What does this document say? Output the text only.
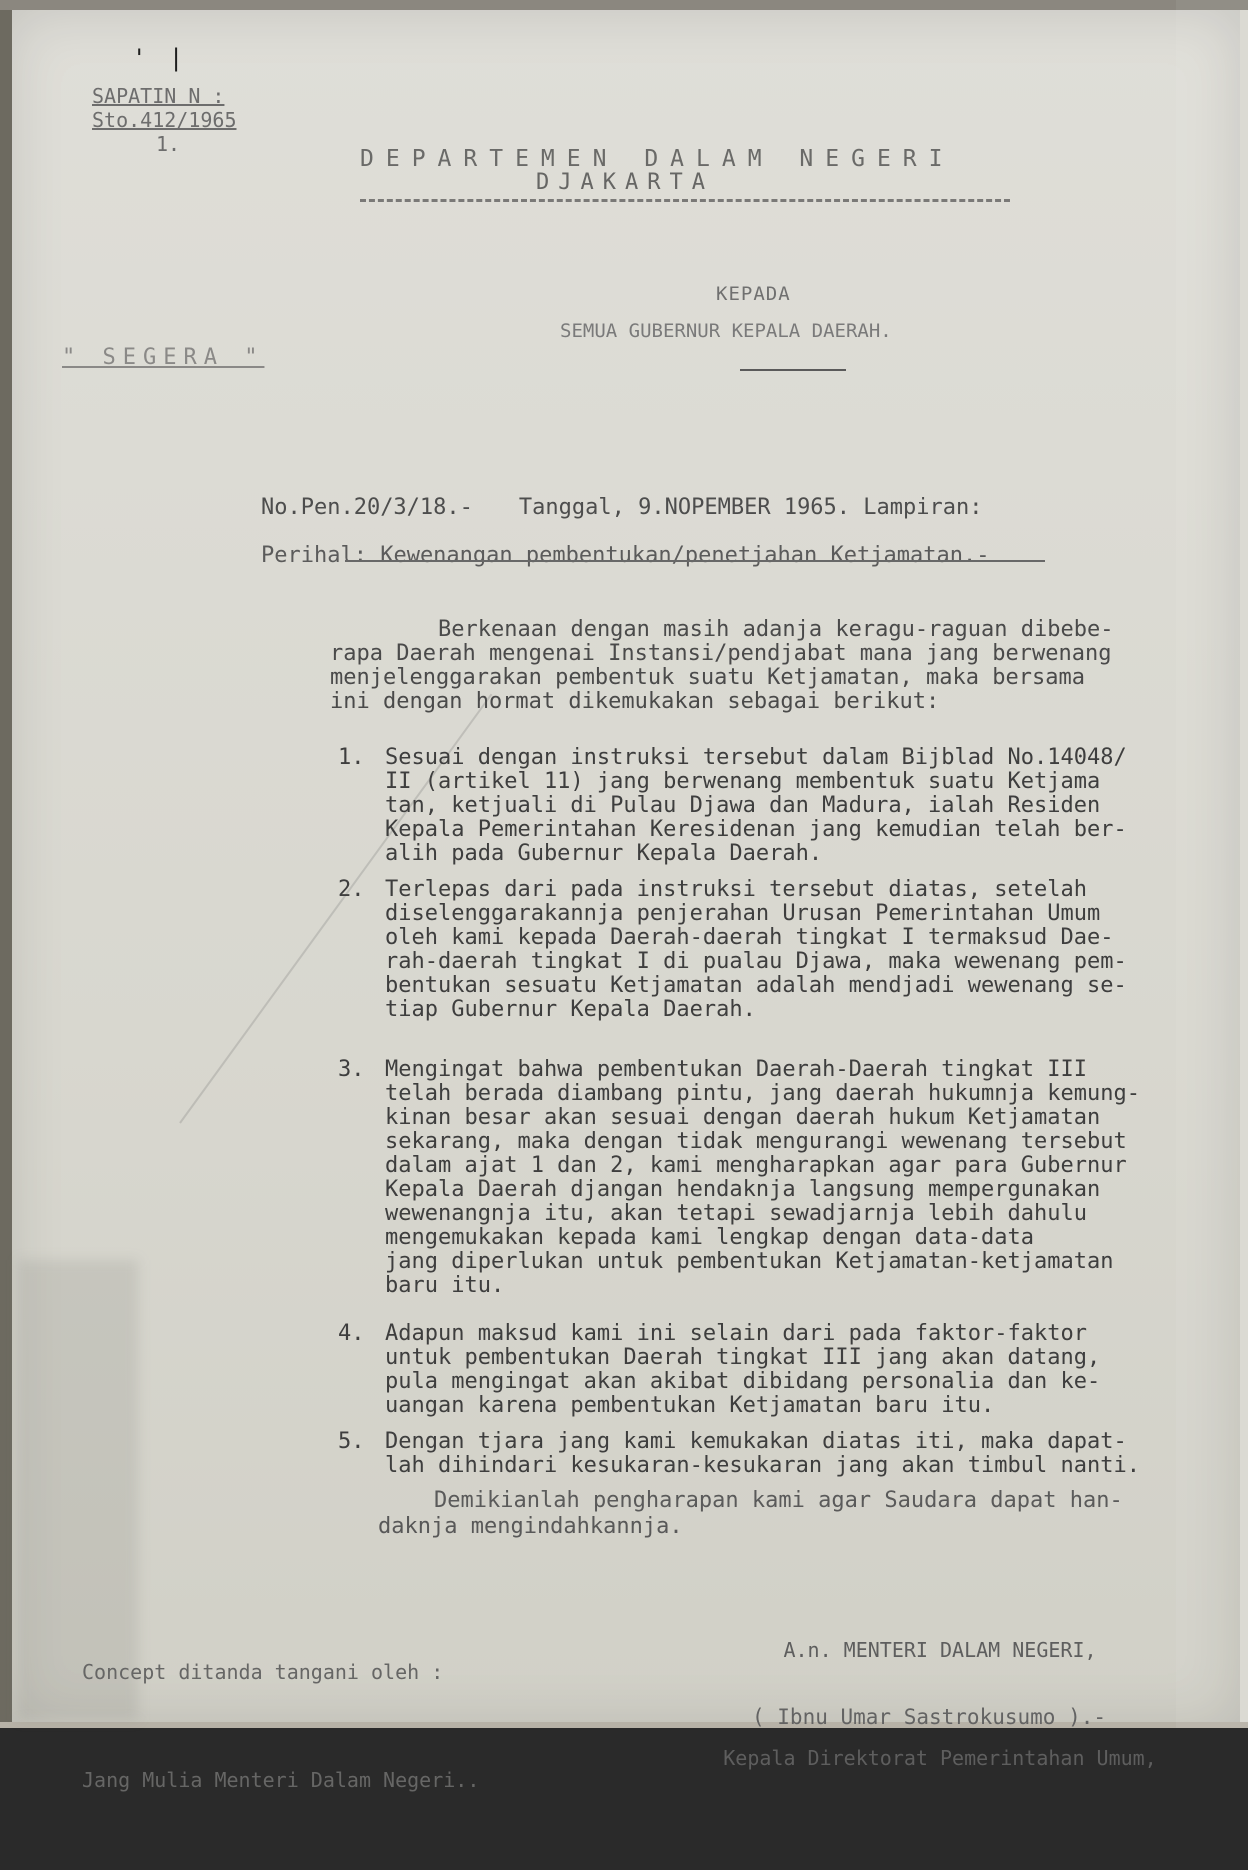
' |
SAPATIN N :
Sto.412/1965
1.
DEPARTEMEN DALAM NEGERI
DJAKARTA
" SEGERA "
KEPADA
SEMUA GUBERNUR KEPALA DAERAH.

No.Pen.20/3/18.- Tanggal, 9.NOPEMBER 1965. Lampiran:

Perihal: Kewenangan pembentukan/penetjahan Ketjamatan.-

Berkenaan dengan masih adanja keragu-raguan dibebe-
rapa Daerah mengenai Instansi/pendjabat mana jang berwenang
menjelenggarakan pembentuk suatu Ketjamatan, maka bersama
ini dengan hormat dikemukakan sebagai berikut:
1. Sesuai dengan instruksi tersebut dalam Bijblad No.14048/
II (artikel 11) jang berwenang membentuk suatu Ketjama
tan, ketjuali di Pulau Djawa dan Madura, ialah Residen
Kepala Pemerintahan Keresidenan jang kemudian telah ber-
alih pada Gubernur Kepala Daerah.
2. Terlepas dari pada instruksi tersebut diatas, setelah
diselenggarakannja penjerahan Urusan Pemerintahan Umum
oleh kami kepada Daerah-daerah tingkat I termaksud Dae-
rah-daerah tingkat I di pualau Djawa, maka wewenang pem-
bentukan sesuatu Ketjamatan adalah mendjadi wewenang se-
tiap Gubernur Kepala Daerah.
3. Mengingat bahwa pembentukan Daerah-Daerah tingkat III
telah berada diambang pintu, jang daerah hukumnja kemung-
kinan besar akan sesuai dengan daerah hukum Ketjamatan
sekarang, maka dengan tidak mengurangi wewenang tersebut
dalam ajat 1 dan 2, kami mengharapkan agar para Gubernur
Kepala Daerah djangan hendaknja langsung mempergunakan
wewenangnja itu, akan tetapi sewadjarnja lebih dahulu
mengemukakan kepada kami lengkap dengan data-data
jang diperlukan untuk pembentukan Ketjamatan-ketjamatan
baru itu.
4. Adapun maksud kami ini selain dari pada faktor-faktor
untuk pembentukan Daerah tingkat III jang akan datang,
pula mengingat akan akibat dibidang personalia dan ke-
uangan karena pembentukan Ketjamatan baru itu.
5. Dengan tjara jang kami kemukakan diatas iti, maka dapat-
lah dihindari kesukaran-kesukaran jang akan timbul nanti.
Demikianlah pengharapan kami agar Saudara dapat han-
daknja mengindahkannja.

Concept ditanda tangani oleh :

Jang Mulia Menteri Dalam Negeri..

A.n. MENTERI DALAM NEGERI,

Kepala Direktorat Pemerintahan Umum,

( Ibnu Umar Sastrokusumo ).-
